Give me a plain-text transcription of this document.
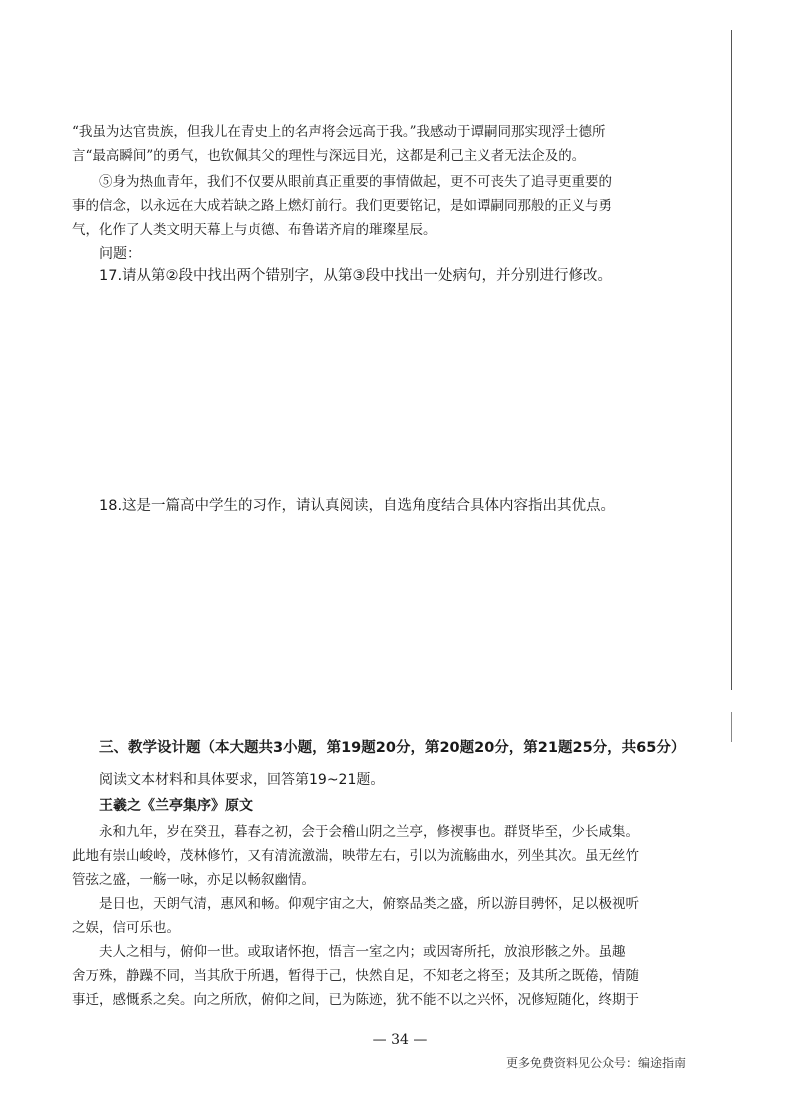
“我虽为达官贵族，但我儿在青史上的名声将会远高于我。”我感动于谭嗣同那实现浮士德所
言“最高瞬间”的勇气，也钦佩其父的理性与深远目光，这都是利己主义者无法企及的。
⑤身为热血青年，我们不仅要从眼前真正重要的事情做起，更不可丧失了追寻更重要的
事的信念，以永远在大成若缺之路上燃灯前行。我们更要铭记，是如谭嗣同那般的正义与勇
气，化作了人类文明天幕上与贞德、布鲁诺齐肩的璀璨星辰。
问题：
17.请从第②段中找出两个错别字，从第③段中找出一处病句，并分别进行修改。
18.这是一篇高中学生的习作，请认真阅读，自选角度结合具体内容指出其优点。
三、教学设计题（本大题共3小题，第19题20分，第20题20分，第21题25分，共65分）
阅读文本材料和具体要求，回答第19~21题。
王羲之《兰亭集序》原文
永和九年，岁在癸丑，暮春之初，会于会稽山阴之兰亭，修禊事也。群贤毕至，少长咸集。
此地有崇山峻岭，茂林修竹，又有清流激湍，映带左右，引以为流觞曲水，列坐其次。虽无丝竹
管弦之盛，一觞一咏，亦足以畅叙幽情。
是日也，天朗气清，惠风和畅。仰观宇宙之大，俯察品类之盛，所以游目骋怀，足以极视听
之娱，信可乐也。
夫人之相与，俯仰一世。或取诸怀抱，悟言一室之内；或因寄所托，放浪形骸之外。虽趣
舍万殊，静躁不同，当其欣于所遇，暂得于己，快然自足，不知老之将至；及其所之既倦，情随
事迁，感慨系之矣。向之所欣，俯仰之间，已为陈迹，犹不能不以之兴怀，况修短随化，终期于
— 34 —
更多免费资料见公众号：编途指南
